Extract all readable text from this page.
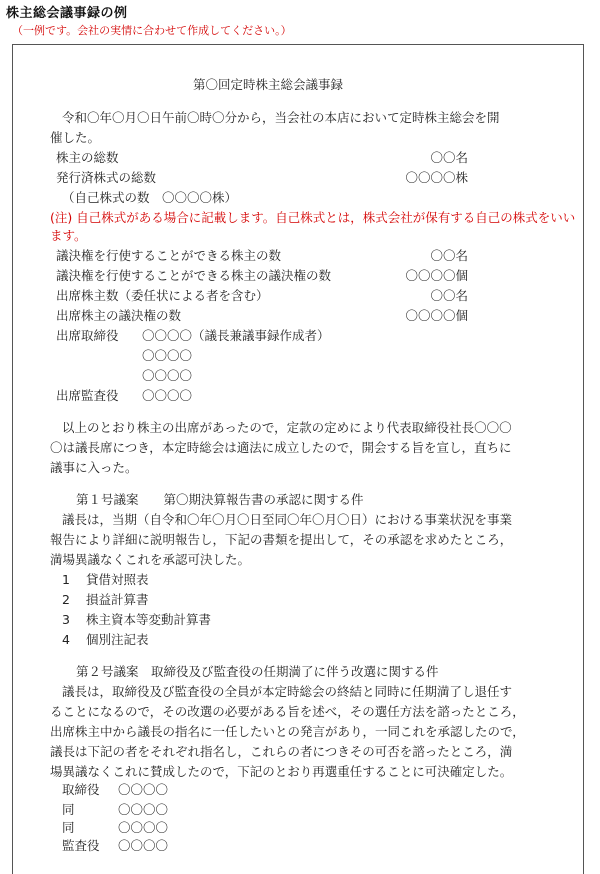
株主総会議事録の例
（一例です。会社の実情に合わせて作成してください。）
第〇回定時株主総会議事録
令和〇年〇月〇日午前〇時〇分から，当会社の本店において定時株主総会を開
催した。
株主の総数	〇〇名
発行済株式の総数	〇〇〇〇株
（自己株式の数　〇〇〇〇株）
(注) 自己株式がある場合に記載します。自己株式とは，株式会社が保有する自己の株式をいい
ます。
議決権を行使することができる株主の数	〇〇名
議決権を行使することができる株主の議決権の数	〇〇〇〇個
出席株主数（委任状による者を含む）	〇〇名
出席株主の議決権の数	〇〇〇〇個
出席取締役 〇〇〇〇（議長兼議事録作成者）
〇〇〇〇
〇〇〇〇
出席監査役 〇〇〇〇
以上のとおり株主の出席があったので，定款の定めにより代表取締役社長〇〇〇
〇は議長席につき，本定時総会は適法に成立したので，開会する旨を宣し，直ちに
議事に入った。
第１号議案　　第〇期決算報告書の承認に関する件
議長は，当期（自令和〇年〇月〇日至同〇年〇月〇日）における事業状況を事業
報告により詳細に説明報告し，下記の書類を提出して，その承認を求めたところ，
満場異議なくこれを承認可決した。
1 貸借対照表
2 損益計算書
3 株主資本等変動計算書
4 個別注記表
第２号議案　取締役及び監査役の任期満了に伴う改選に関する件
議長は，取締役及び監査役の全員が本定時総会の終結と同時に任期満了し退任す
ることになるので，その改選の必要がある旨を述べ，その選任方法を諮ったところ，
出席株主中から議長の指名に一任したいとの発言があり，一同これを承認したので，
議長は下記の者をそれぞれ指名し，これらの者につきその可否を諮ったところ，満
場異議なくこれに賛成したので，下記のとおり再選重任することに可決確定した。
取締役 〇〇〇〇
同	〇〇〇〇
同	〇〇〇〇
監査役 〇〇〇〇
